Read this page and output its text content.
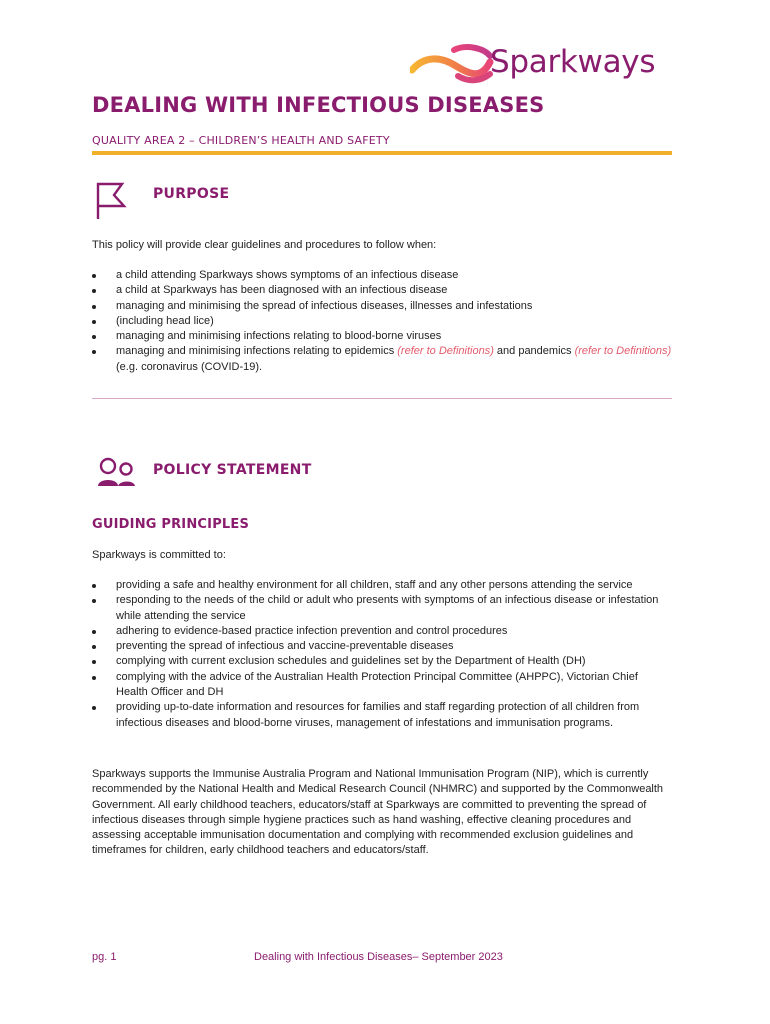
Sparkways
DEALING WITH INFECTIOUS DISEASES
QUALITY AREA 2 – CHILDREN’S HEALTH AND SAFETY
PURPOSE
This policy will provide clear guidelines and procedures to follow when:
a child attending Sparkways shows symptoms of an infectious disease
a child at Sparkways has been diagnosed with an infectious disease
managing and minimising the spread of infectious diseases, illnesses and infestations
(including head lice)
managing and minimising infections relating to blood-borne viruses
managing and minimising infections relating to epidemics (refer to Definitions) and pandemics (refer to Definitions) (e.g. coronavirus (COVID-19).
POLICY STATEMENT
GUIDING PRINCIPLES
Sparkways is committed to:
providing a safe and healthy environment for all children, staff and any other persons attending the service
responding to the needs of the child or adult who presents with symptoms of an infectious disease or infestation while attending the service
adhering to evidence-based practice infection prevention and control procedures
preventing the spread of infectious and vaccine-preventable diseases
complying with current exclusion schedules and guidelines set by the Department of Health (DH)
complying with the advice of the Australian Health Protection Principal Committee (AHPPC), Victorian Chief Health Officer and DH
providing up-to-date information and resources for families and staff regarding protection of all children from infectious diseases and blood-borne viruses, management of infestations and immunisation programs.
Sparkways supports the Immunise Australia Program and National Immunisation Program (NIP), which is currently recommended by the National Health and Medical Research Council (NHMRC) and supported by the Commonwealth Government. All early childhood teachers, educators/staff at Sparkways are committed to preventing the spread of infectious diseases through simple hygiene practices such as hand washing, effective cleaning procedures and assessing acceptable immunisation documentation and complying with recommended exclusion guidelines and timeframes for children, early childhood teachers and educators/staff.
pg. 1	Dealing with Infectious Diseases– September 2023
